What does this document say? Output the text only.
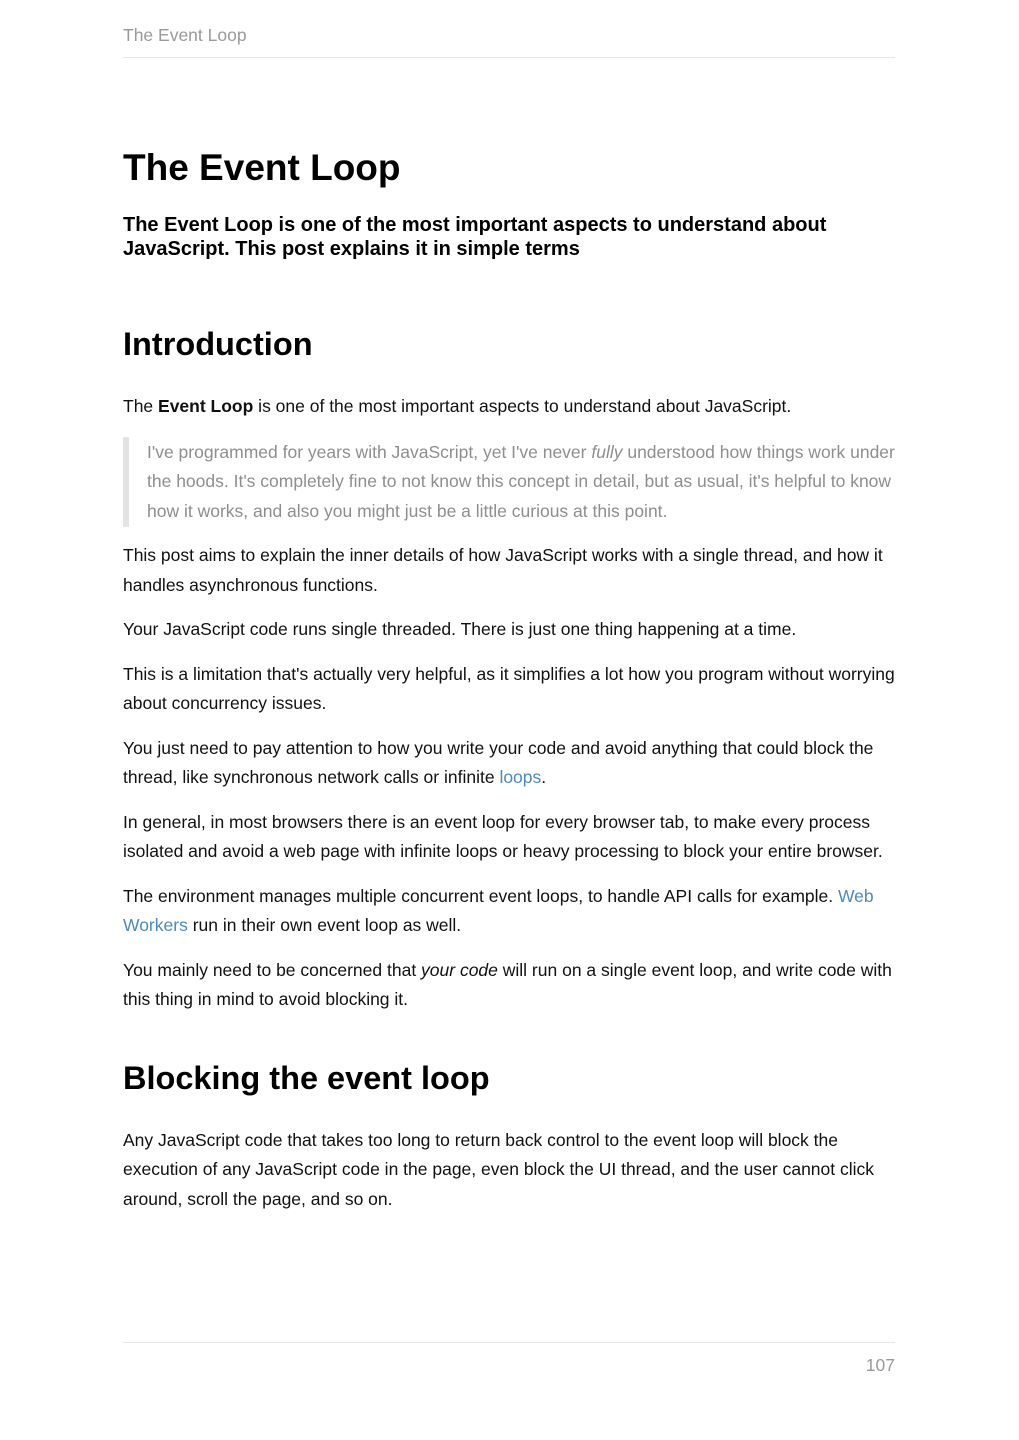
The Event Loop
The Event Loop
The Event Loop is one of the most important aspects to understand about JavaScript. This post explains it in simple terms
Introduction

The Event Loop is one of the most important aspects to understand about JavaScript.

I've programmed for years with JavaScript, yet I've never fully understood how things work under the hoods. It's completely fine to not know this concept in detail, but as usual, it's helpful to know how it works, and also you might just be a little curious at this point.

This post aims to explain the inner details of how JavaScript works with a single thread, and how it handles asynchronous functions.

Your JavaScript code runs single threaded. There is just one thing happening at a time.

This is a limitation that's actually very helpful, as it simplifies a lot how you program without worrying about concurrency issues.

You just need to pay attention to how you write your code and avoid anything that could block the thread, like synchronous network calls or infinite loops.

In general, in most browsers there is an event loop for every browser tab, to make every process isolated and avoid a web page with infinite loops or heavy processing to block your entire browser.

The environment manages multiple concurrent event loops, to handle API calls for example. Web Workers run in their own event loop as well.

You mainly need to be concerned that your code will run on a single event loop, and write code with this thing in mind to avoid blocking it.

Blocking the event loop

Any JavaScript code that takes too long to return back control to the event loop will block the execution of any JavaScript code in the page, even block the UI thread, and the user cannot click around, scroll the page, and so on.

107
